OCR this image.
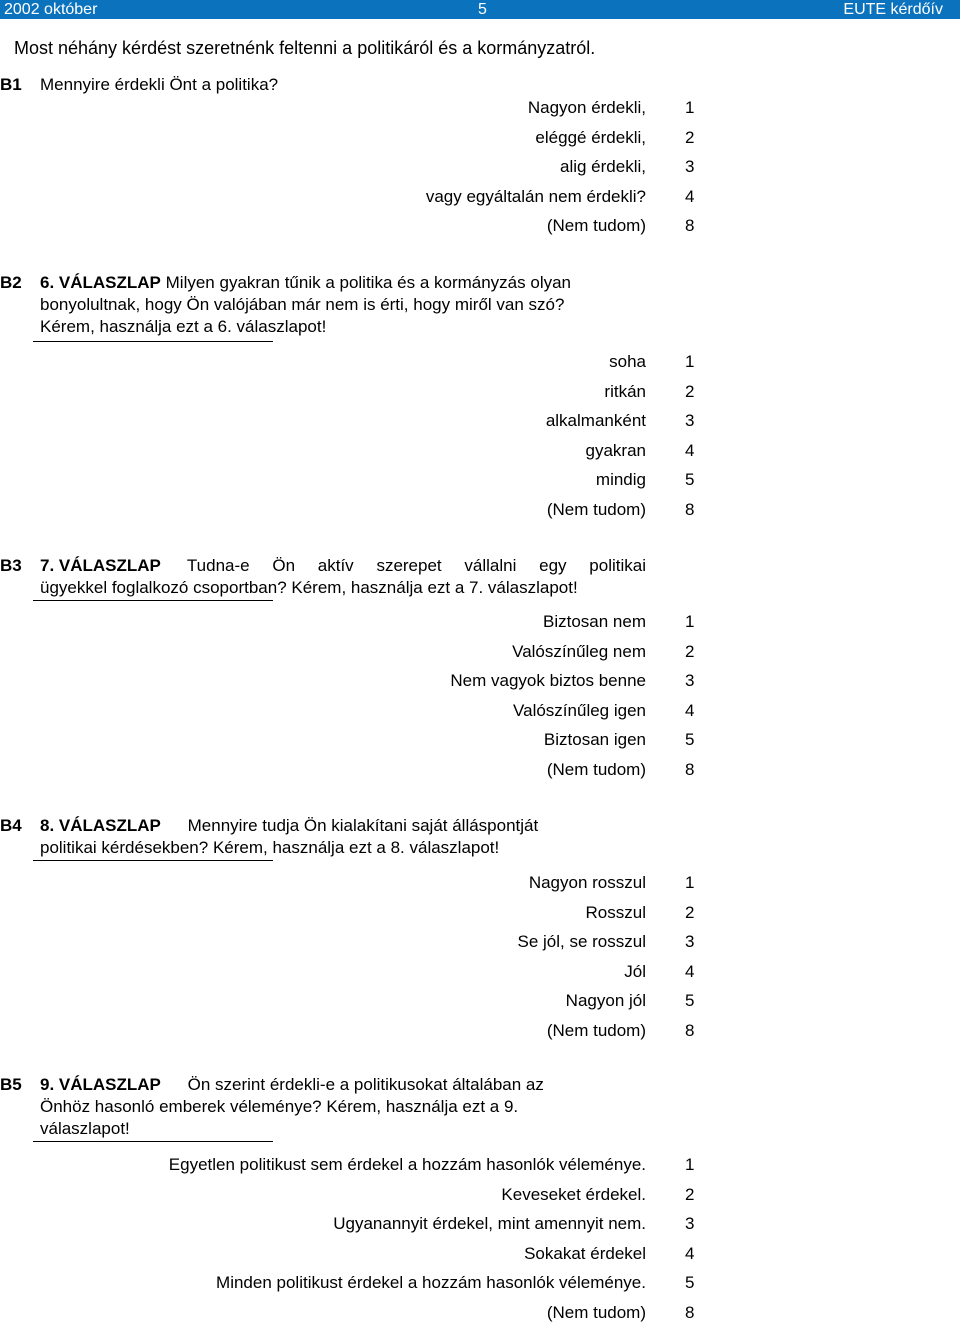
2002 október	5	EUTE kérdőív
Most néhány kérdést szeretnénk feltenni a politikáról és a kormányzatról.
B1 Mennyire érdekli Önt a politika?
B2 6. VÁLASZLAP Milyen gyakran tűnik a politika és a kormányzás olyan
bonyolultnak, hogy Ön valójában már nem is érti, hogy miről van szó?
Kérem, használja ezt a 6. válaszlapot!
B3 7. VÁLASZLAP Tudna-e Ön aktív szerepet vállalni egy politikai
ügyekkel foglalkozó csoportban? Kérem, használja ezt a 7. válaszlapot!
B4 8. VÁLASZLAP Mennyire tudja Ön kialakítani saját álláspontját
politikai kérdésekben? Kérem, használja ezt a 8. válaszlapot!
B5 9. VÁLASZLAP Ön szerint érdekli-e a politikusokat általában az
Önhöz hasonló emberek véleménye? Kérem, használja ezt a 9.
válaszlapot!
Nagyon érdekli, 1
eléggé érdekli, 2
alig érdekli, 3
vagy egyáltalán nem érdekli? 4
(Nem tudom) 8
soha 1
ritkán 2
alkalmanként 3
gyakran 4
mindig 5
(Nem tudom) 8
Biztosan nem 1
Valószínűleg nem 2
Nem vagyok biztos benne 3
Valószínűleg igen 4
Biztosan igen 5
(Nem tudom) 8
Nagyon rosszul 1
Rosszul 2
Se jól, se rosszul 3
Jól 4
Nagyon jól 5
(Nem tudom) 8
Egyetlen politikust sem érdekel a hozzám hasonlók véleménye. 1
Keveseket érdekel. 2
Ugyanannyit érdekel, mint amennyit nem. 3
Sokakat érdekel 4
Minden politikust érdekel a hozzám hasonlók véleménye. 5
(Nem tudom) 8
